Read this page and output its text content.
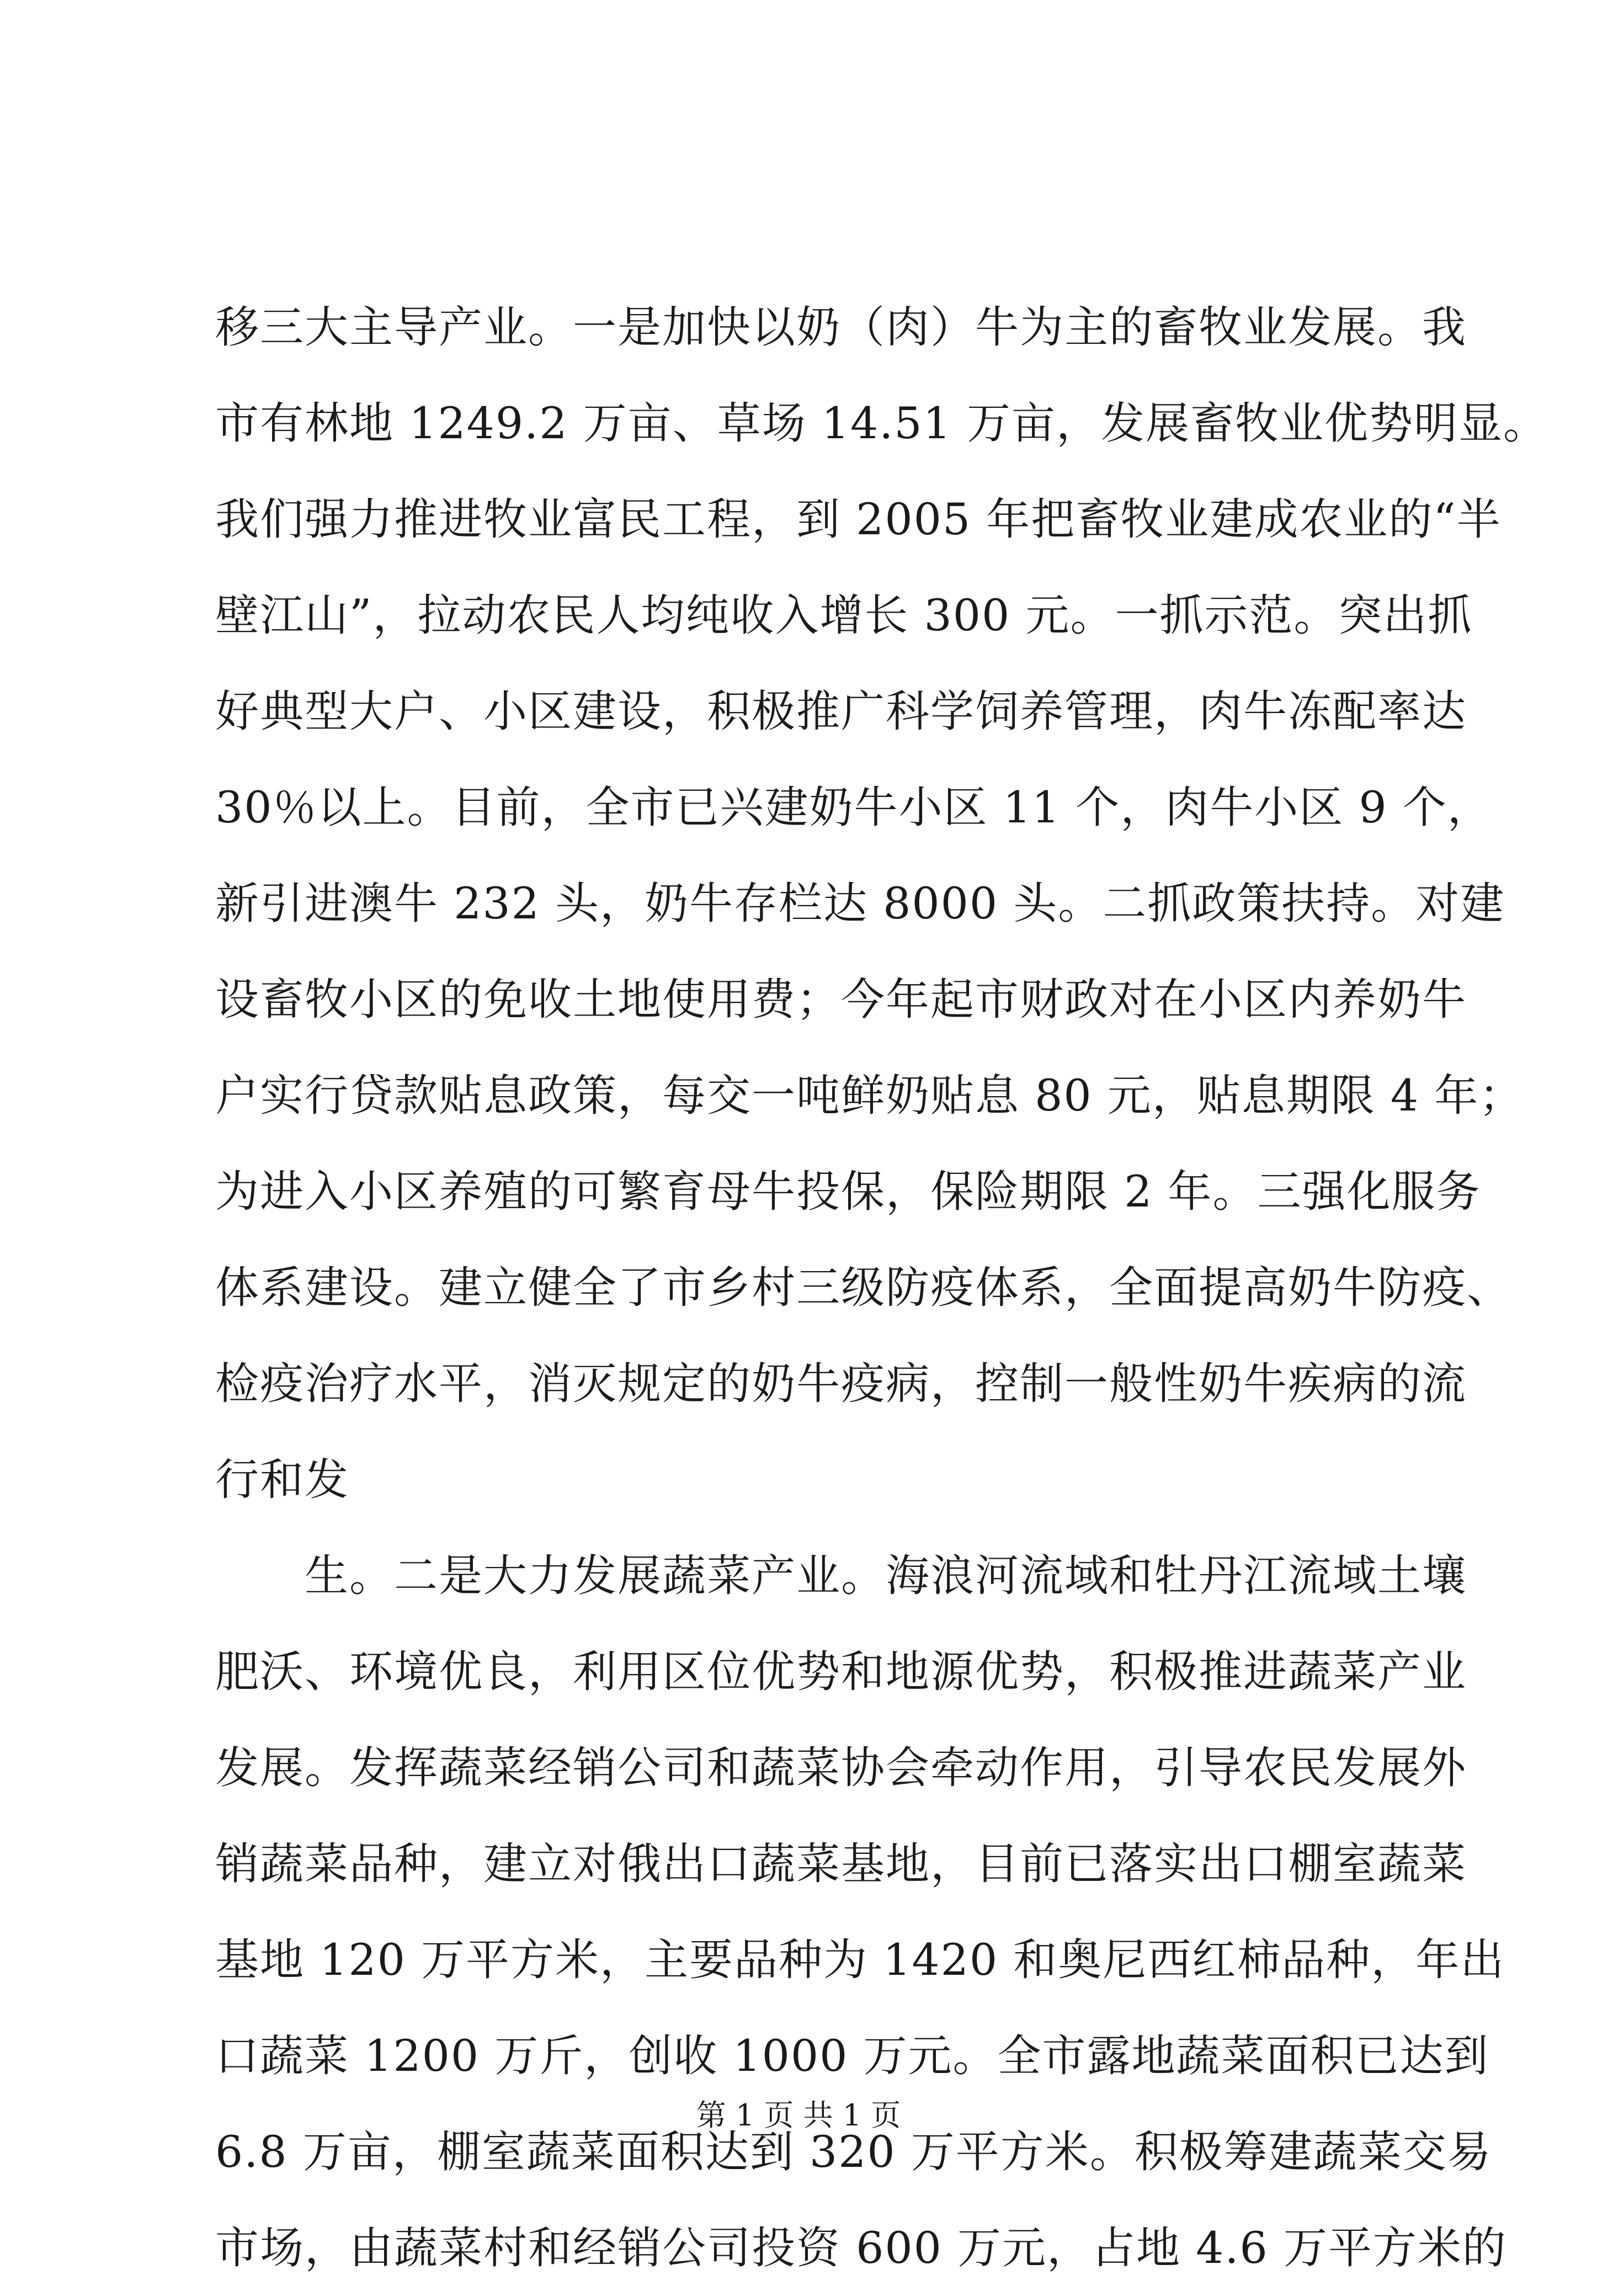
移三大主导产业。一是加快以奶（肉）牛为主的畜牧业发展。我
市有林地 1249.2 万亩、草场 14.51 万亩，发展畜牧业优势明显。
我们强力推进牧业富民工程，到 2005 年把畜牧业建成农业的“半
壁江山”，拉动农民人均纯收入增长 300 元。一抓示范。突出抓
好典型大户、小区建设，积极推广科学饲养管理，肉牛冻配率达
30％以上。目前，全市已兴建奶牛小区 11 个，肉牛小区 9 个，
新引进澳牛 232 头，奶牛存栏达 8000 头。二抓政策扶持。对建
设畜牧小区的免收土地使用费；今年起市财政对在小区内养奶牛
户实行贷款贴息政策，每交一吨鲜奶贴息 80 元，贴息期限 4 年；
为进入小区养殖的可繁育母牛投保，保险期限 2 年。三强化服务
体系建设。建立健全了市乡村三级防疫体系，全面提高奶牛防疫、
检疫治疗水平，消灭规定的奶牛疫病，控制一般性奶牛疾病的流
行和发
　　生。二是大力发展蔬菜产业。海浪河流域和牡丹江流域土壤
肥沃、环境优良，利用区位优势和地源优势，积极推进蔬菜产业
发展。发挥蔬菜经销公司和蔬菜协会牵动作用，引导农民发展外
销蔬菜品种，建立对俄出口蔬菜基地，目前已落实出口棚室蔬菜
基地 120 万平方米，主要品种为 1420 和奥尼西红柿品种，年出
口蔬菜 1200 万斤，创收 1000 万元。全市露地蔬菜面积已达到
6.8 万亩，棚室蔬菜面积达到 320 万平方米。积极筹建蔬菜交易
市场，由蔬菜村和经销公司投资 600 万元，占地 4.6 万平方米的
第 1 页 共 1 页
